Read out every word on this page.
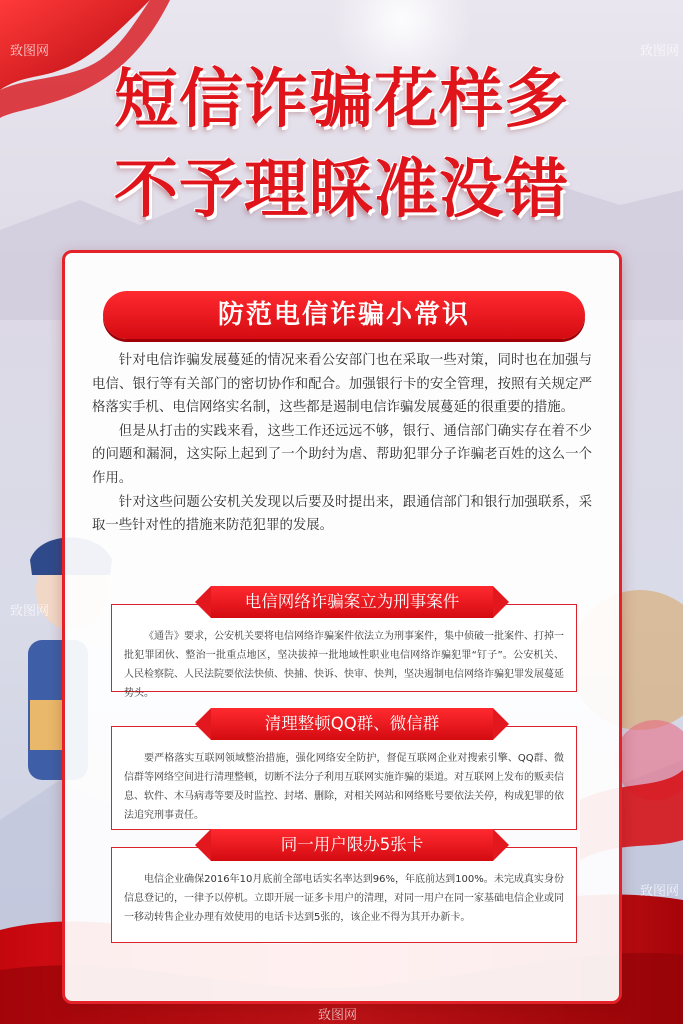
致图网	致图网
致图网
致图网
致图网
短信诈骗花样多
不予理睬准没错
防范电信诈骗小常识

针对电信诈骗发展蔓延的情况来看公安部门也在采取一些对策，同时也在加强与电信、银行等有关部门的密切协作和配合。加强银行卡的安全管理，按照有关规定严格落实手机、电信网络实名制，这些都是遏制电信诈骗发展蔓延的很重要的措施。

但是从打击的实践来看，这些工作还远远不够，银行、通信部门确实存在着不少的问题和漏洞，这实际上起到了一个助纣为虐、帮助犯罪分子诈骗老百姓的这么一个作用。

针对这些问题公安机关发现以后要及时提出来，跟通信部门和银行加强联系，采取一些针对性的措施来防范犯罪的发展。

电信网络诈骗案立为刑事案件

《通告》要求，公安机关要将电信网络诈骗案件依法立为刑事案件，集中侦破一批案件、打掉一批犯罪团伙、整治一批重点地区，坚决拔掉一批地域性职业电信网络诈骗犯罪“钉子”。公安机关、人民检察院、人民法院要依法快侦、快捕、快诉、快审、快判，坚决遏制电信网络诈骗犯罪发展蔓延势头。

清理整顿QQ群、微信群

要严格落实互联网领域整治措施，强化网络安全防护，督促互联网企业对搜索引擎、QQ群、微信群等网络空间进行清理整顿，切断不法分子利用互联网实施诈骗的渠道。对互联网上发布的贩卖信息、软件、木马病毒等要及时监控、封堵、删除，对相关网站和网络账号要依法关停，构成犯罪的依法追究刑事责任。

同一用户限办5张卡

电信企业确保2016年10月底前全部电话实名率达到96%，年底前达到100%。未完成真实身份信息登记的，一律予以停机。立即开展一证多卡用户的清理，对同一用户在同一家基础电信企业或同一移动转售企业办理有效使用的电话卡达到5张的，该企业不得为其开办新卡。
